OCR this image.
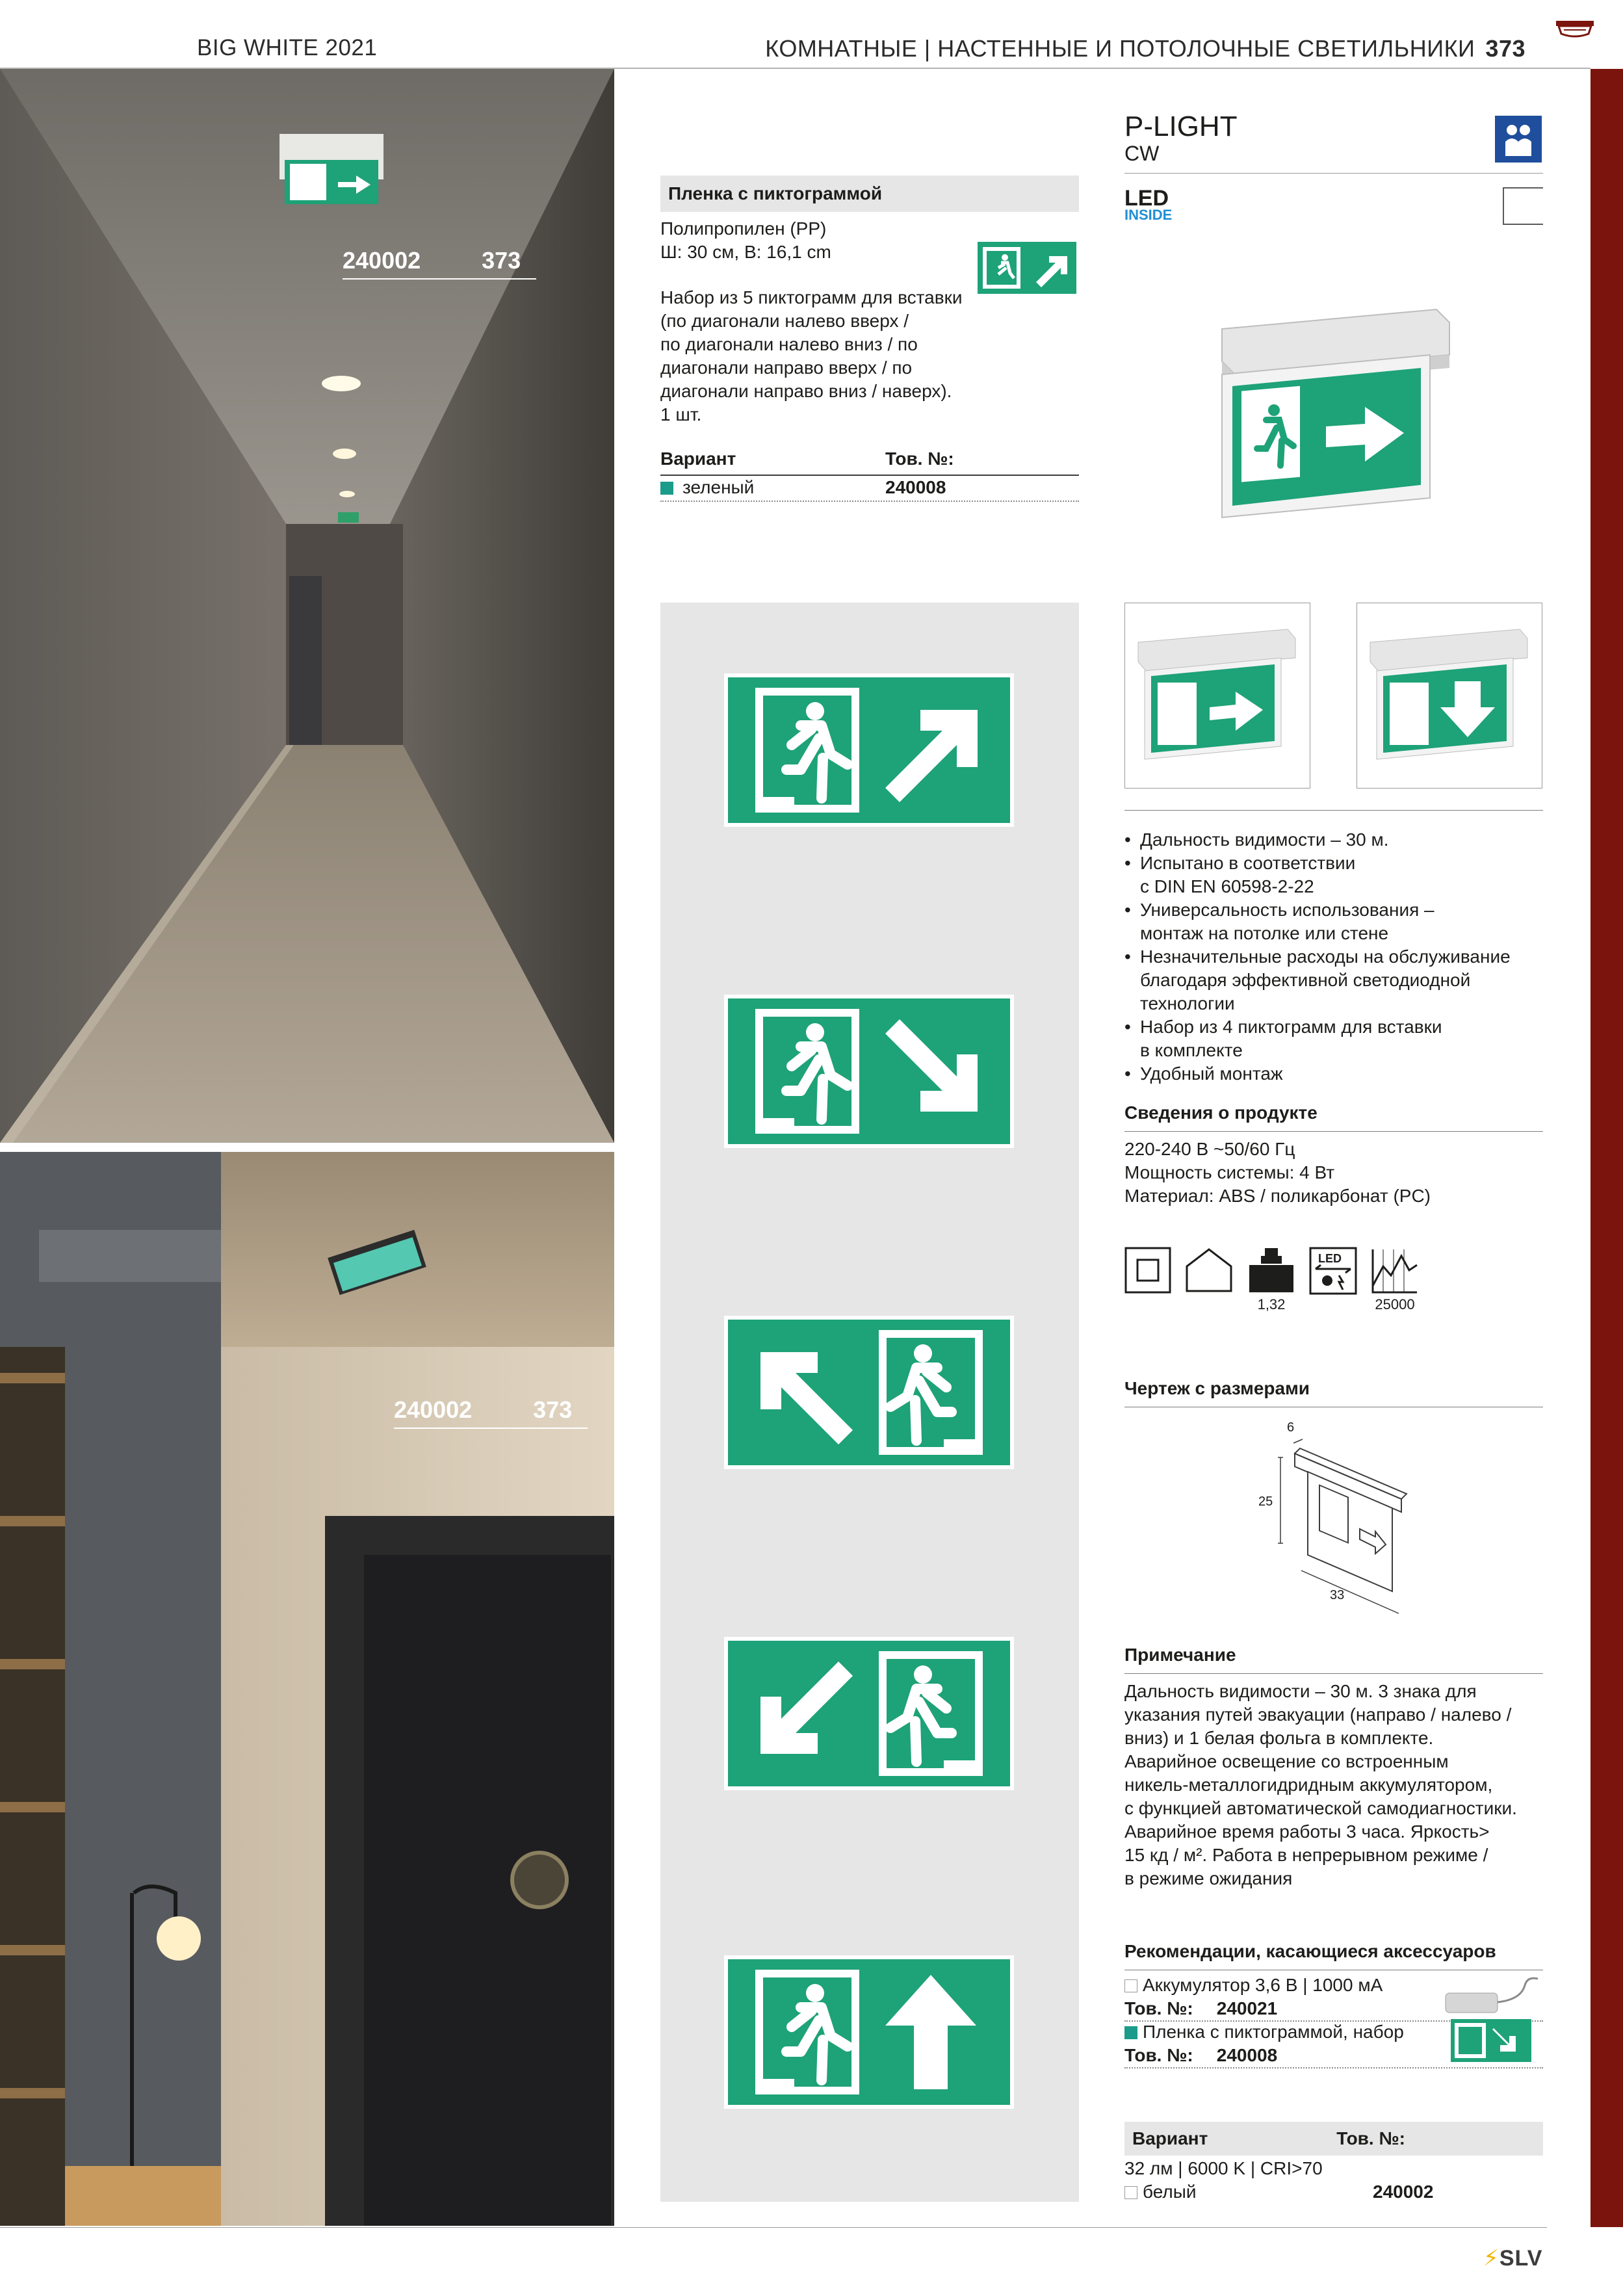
BIG WHITE 2021	КОМНАТНЫЕ | НАСТЕННЫЕ И ПОТОЛОЧНЫЕ СВЕТИЛЬНИКИ 373
240002	373
240002	373
Пленка с пиктограммой
Полипропилен (PP)
Ш: 30 см, В: 16,1 cm
Набор из 5 пиктограмм для вставки
(по диагонали налево вверх /
по диагонали налево вниз / по
диагонали направо вверх / по
диагонали направо вниз / наверх).
1 шт.
Вариант	Тов. №:
зеленый	240008
P-LIGHT
CW
LED
INSIDE
• Дальность видимости – 30 м.
• Испытано в соответствии
с DIN EN 60598-2-22
• Универсальность использования –
монтаж на потолке или стене
• Незначительные расходы на обслуживание
благодаря эффективной светодиодной
технологии
• Набор из 4 пиктограмм для вставки
в комплекте
• Удобный монтаж
Сведения о продукте
220-240 В ~50/60 Гц
Мощность системы: 4 Вт
Материал: ABS / поликарбонат (PC)
1,32
LED
25000
Чертеж с размерами
6
25
33
Примечание
Дальность видимости – 30 м. 3 знака для
указания путей эвакуации (направо / налево /
вниз) и 1 белая фольга в комплекте.
Аварийное освещение со встроенным
никель-металлогидридным аккумулятором,
с функцией автоматической самодиагностики.
Аварийное время работы 3 часа. Яркость>
15 кд / м². Работа в непрерывном режиме /
в режиме ожидания
Рекомендации, касающиеся аксессуаров
Аккумулятор 3,6 В | 1000 мА
Тов. №: 240021
Пленка с пиктограммой, набор
Тов. №: 240008
Вариант	Тов. №:
32 лм | 6000 K | CRI>70
белый	240002
⚡SLV
